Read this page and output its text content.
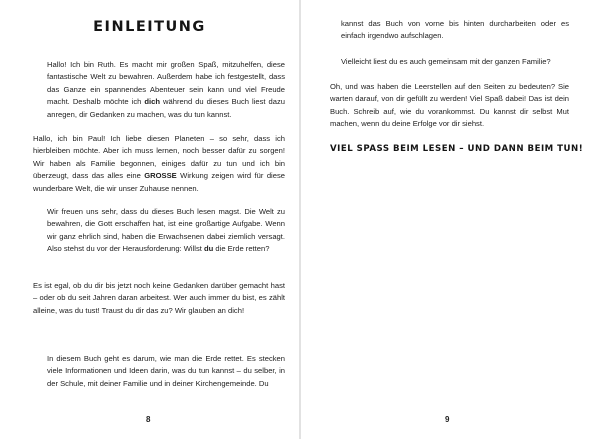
EINLEITUNG

Hallo! Ich bin Ruth. Es macht mir großen Spaß, mitzuhelfen, diese fantastische Welt zu bewahren. Außerdem habe ich festgestellt, dass das Ganze ein spannendes Abenteuer sein kann und viel Freude macht. Deshalb möchte ich dich während du dieses Buch liest dazu anregen, dir Gedanken zu machen, was du tun kannst.

Hallo, ich bin Paul! Ich liebe diesen Planeten – so sehr, dass ich hierbleiben möchte. Aber ich muss lernen, noch besser dafür zu sorgen! Wir haben als Familie begonnen, einiges dafür zu tun und ich bin überzeugt, dass das alles eine GROSSE Wirkung zeigen wird für diese wunderbare Welt, die wir unser Zuhause nennen.

Wir freuen uns sehr, dass du dieses Buch lesen magst. Die Welt zu bewahren, die Gott erschaffen hat, ist eine großartige Aufgabe. Wenn wir ganz ehrlich sind, haben die Erwachsenen dabei ziemlich versagt. Also stehst du vor der Herausforderung: Willst du die Erde retten?

Es ist egal, ob du dir bis jetzt noch keine Gedanken darüber gemacht hast – oder ob du seit Jahren daran arbeitest. Wer auch immer du bist, es zählt alleine, was du tust! Traust du dir das zu? Wir glauben an dich!

In diesem Buch geht es darum, wie man die Erde rettet. Es stecken viele Informationen und Ideen darin, was du tun kannst – du selber, in der Schule, mit deiner Familie und in deiner Kirchengemeinde. Du

8

kannst das Buch von vorne bis hinten durcharbeiten oder es einfach irgendwo aufschlagen.

Vielleicht liest du es auch gemeinsam mit der ganzen Familie?

Oh, und was haben die Leerstellen auf den Seiten zu bedeuten? Sie warten darauf, von dir gefüllt zu werden! Viel Spaß dabei! Das ist dein Buch. Schreib auf, wie du vorankommst. Du kannst dir selbst Mut machen, wenn du deine Erfolge vor dir siehst.

VIEL SPASS BEIM LESEN – UND DANN BEIM TUN!
9
